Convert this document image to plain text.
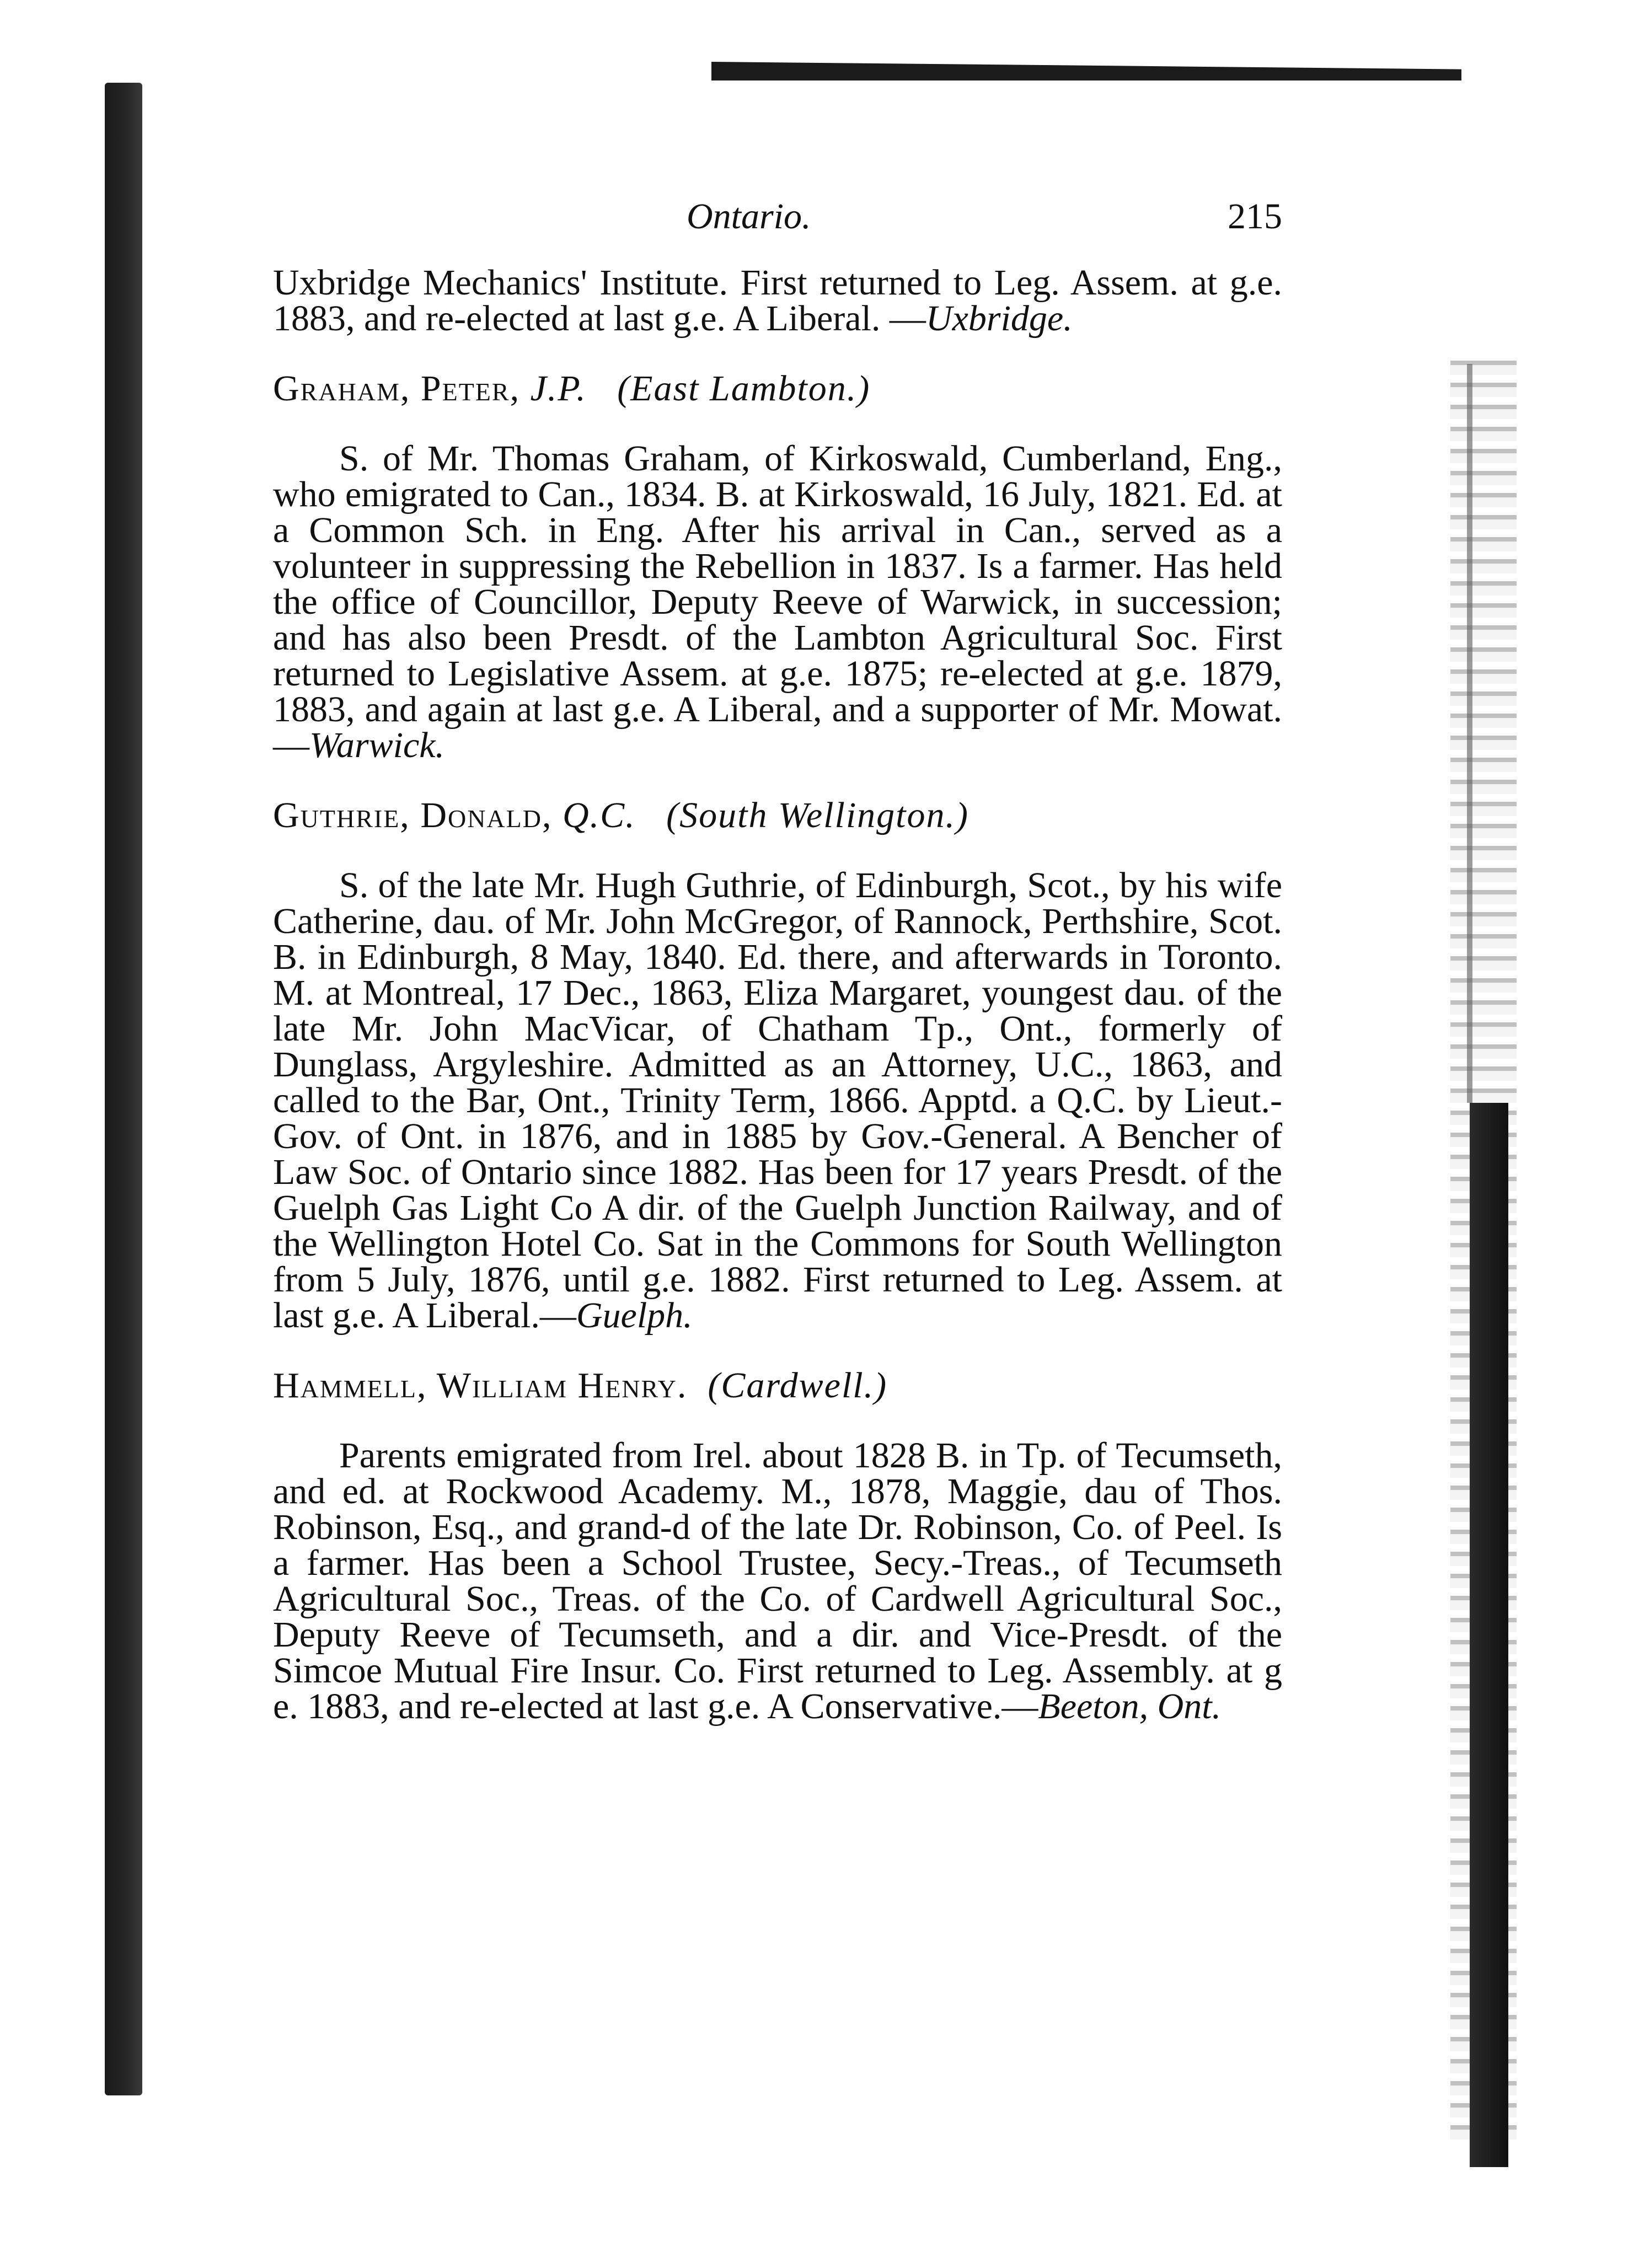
Ontario.	215

Uxbridge Mechanics' Institute. First returned to Leg. Assem. at g.e. 1883, and re-elected at last g.e. A Liberal. —Uxbridge.

Graham, Peter, J.P. (East Lambton.)

S. of Mr. Thomas Graham, of Kirkoswald, Cumberland, Eng., who emigrated to Can., 1834. B. at Kirkoswald, 16 July, 1821. Ed. at a Common Sch. in Eng. After his arrival in Can., served as a volunteer in suppressing the Rebellion in 1837. Is a farmer. Has held the office of Councillor, Deputy Reeve of Warwick, in succession; and has also been Presdt. of the Lambton Agricultural Soc. First returned to Legislative Assem. at g.e. 1875; re-elected at g.e. 1879, 1883, and again at last g.e. A Liberal, and a supporter of Mr. Mowat.—Warwick.

Guthrie, Donald, Q.C. (South Wellington.)

S. of the late Mr. Hugh Guthrie, of Edinburgh, Scot., by his wife Catherine, dau. of Mr. John McGregor, of Rannock, Perthshire, Scot. B. in Edinburgh, 8 May, 1840. Ed. there, and afterwards in Toronto. M. at Montreal, 17 Dec., 1863, Eliza Margaret, youngest dau. of the late Mr. John MacVicar, of Chatham Tp., Ont., formerly of Dunglass, Argyleshire. Admitted as an Attorney, U.C., 1863, and called to the Bar, Ont., Trinity Term, 1866. Apptd. a Q.C. by Lieut.-Gov. of Ont. in 1876, and in 1885 by Gov.-General. A Bencher of Law Soc. of Ontario since 1882. Has been for 17 years Presdt. of the Guelph Gas Light Co A dir. of the Guelph Junction Railway, and of the Wellington Hotel Co. Sat in the Commons for South Wellington from 5 July, 1876, until g.e. 1882. First returned to Leg. Assem. at last g.e. A Liberal.—Guelph.

Hammell, William Henry.  (Cardwell.)

Parents emigrated from Irel. about 1828 B. in Tp. of Tecumseth, and ed. at Rockwood Academy. M., 1878, Maggie, dau of Thos. Robinson, Esq., and grand-d of the late Dr. Robinson, Co. of Peel. Is a farmer. Has been a School Trustee, Secy.-Treas., of Tecumseth Agricultural Soc., Treas. of the Co. of Cardwell Agricultural Soc., Deputy Reeve of Tecumseth, and a dir. and Vice-Presdt. of the Simcoe Mutual Fire Insur. Co. First returned to Leg. Assembly. at g e. 1883, and re-elected at last g.e. A Conservative.—Beeton, Ont.
